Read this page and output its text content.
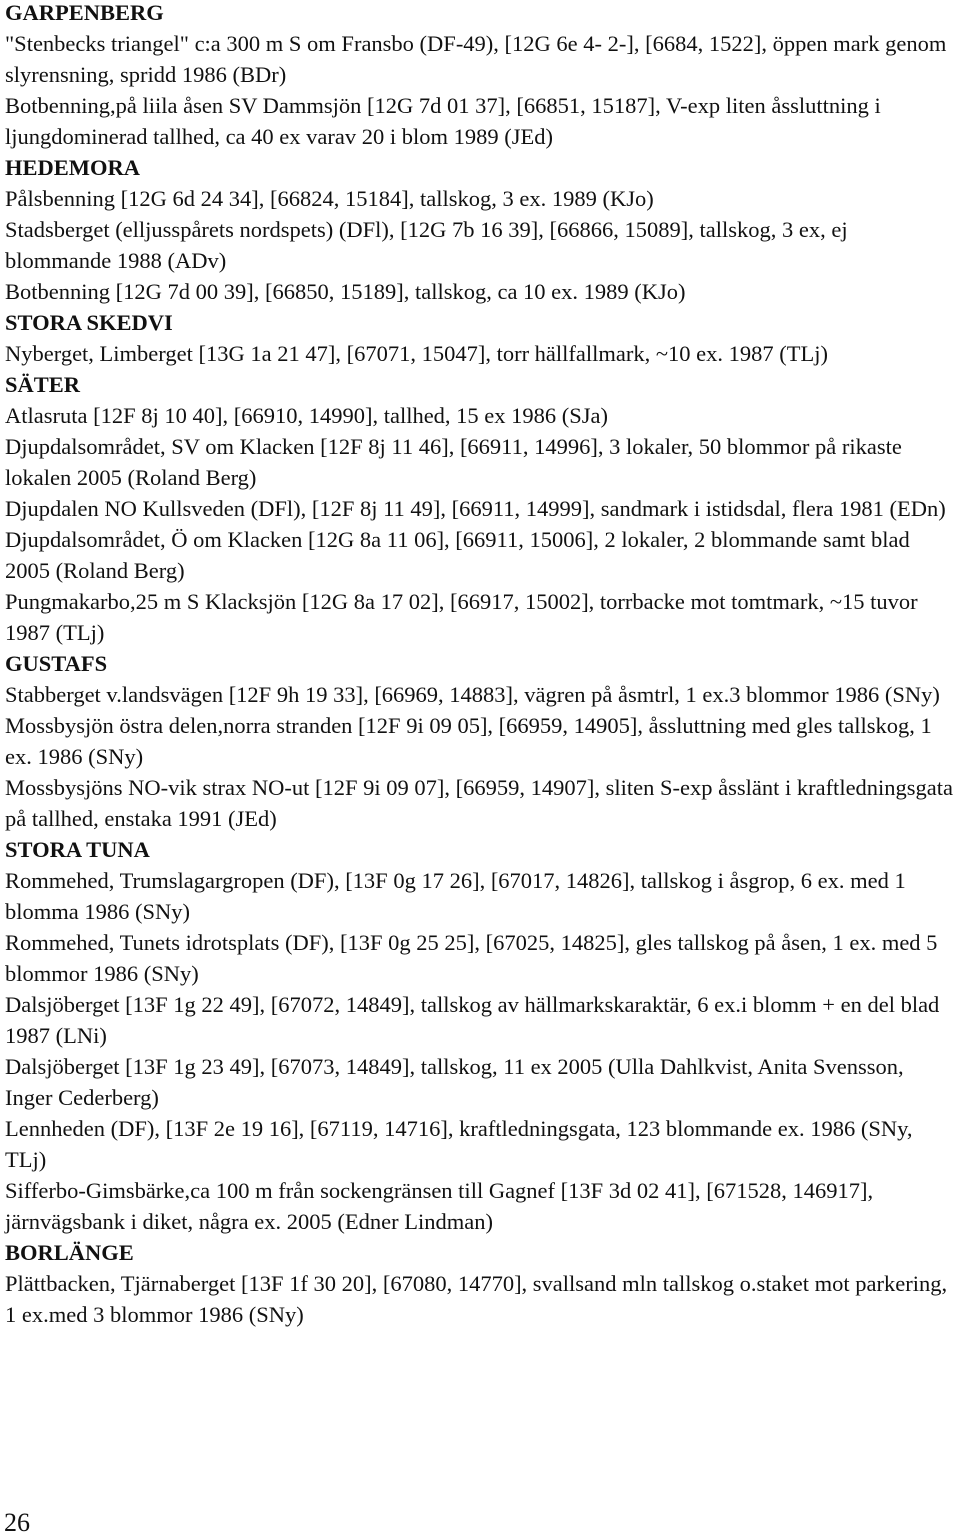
GARPENBERG
"Stenbecks triangel" c:a 300 m S om Fransbo (DF-49), [12G 6e 4- 2-], [6684, 1522], öppen mark genom slyrensning, spridd 1986 (BDr)
Botbenning,på liila åsen SV Dammsjön [12G 7d 01 37], [66851, 15187], V-exp liten åssluttning i ljungdominerad tallhed, ca 40 ex varav 20 i blom 1989 (JEd)
HEDEMORA
Pålsbenning [12G 6d 24 34], [66824, 15184], tallskog, 3 ex. 1989 (KJo)
Stadsberget (elljusspårets nordspets) (DFl), [12G 7b 16 39], [66866, 15089], tallskog, 3 ex, ej blommande 1988 (ADv)
Botbenning [12G 7d 00 39], [66850, 15189], tallskog, ca 10 ex. 1989 (KJo)
STORA SKEDVI
Nyberget, Limberget [13G 1a 21 47], [67071, 15047], torr hällfallmark, ~10 ex. 1987 (TLj)
SÄTER
Atlasruta [12F 8j 10 40], [66910, 14990], tallhed, 15 ex 1986 (SJa)
Djupdalsområdet, SV om Klacken [12F 8j 11 46], [66911, 14996], 3 lokaler, 50 blommor på rikaste lokalen 2005 (Roland Berg)
Djupdalen NO Kullsveden (DFl), [12F 8j 11 49], [66911, 14999], sandmark i istidsdal, flera 1981 (EDn)
Djupdalsområdet, Ö om Klacken [12G 8a 11 06], [66911, 15006], 2 lokaler, 2 blommande samt blad 2005 (Roland Berg)
Pungmakarbo,25 m S Klacksjön [12G 8a 17 02], [66917, 15002], torrbacke mot tomtmark, ~15 tuvor 1987 (TLj)
GUSTAFS
Stabberget v.landsvägen [12F 9h 19 33], [66969, 14883], vägren på åsmtrl, 1 ex.3 blommor 1986 (SNy)
Mossbysjön östra delen,norra stranden [12F 9i 09 05], [66959, 14905], åssluttning med gles tallskog, 1 ex. 1986 (SNy)
Mossbysjöns NO-vik strax NO-ut [12F 9i 09 07], [66959, 14907], sliten S-exp åsslänt i kraftledningsgata på tallhed, enstaka 1991 (JEd)
STORA TUNA
Rommehed, Trumslagargropen (DF), [13F 0g 17 26], [67017, 14826], tallskog i åsgrop, 6 ex. med 1 blomma 1986 (SNy)
Rommehed, Tunets idrotsplats (DF), [13F 0g 25 25], [67025, 14825], gles tallskog på åsen, 1 ex. med 5 blommor 1986 (SNy)
Dalsjöberget [13F 1g 22 49], [67072, 14849], tallskog av hällmarkskaraktär, 6 ex.i blomm + en del blad 1987 (LNi)
Dalsjöberget [13F 1g 23 49], [67073, 14849], tallskog, 11 ex 2005 (Ulla Dahlkvist, Anita Svensson, Inger Cederberg)
Lennheden (DF), [13F 2e 19 16], [67119, 14716], kraftledningsgata, 123 blommande ex. 1986 (SNy, TLj)
Sifferbo-Gimsbärke,ca 100 m från sockengränsen till Gagnef [13F 3d 02 41], [671528, 146917], järnvägsbank i diket, några ex. 2005 (Edner Lindman)
BORLÄNGE
Plättbacken, Tjärnaberget [13F 1f 30 20], [67080, 14770], svallsand mln tallskog o.staket mot parkering, 1 ex.med 3 blommor 1986 (SNy)
26
